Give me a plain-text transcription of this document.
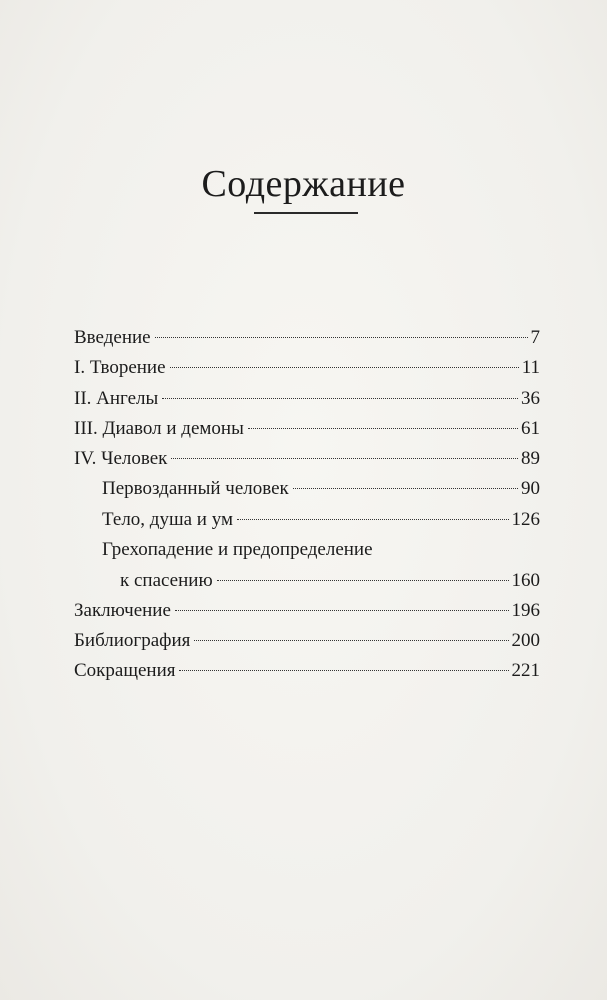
Содержание
Введение	7
I. Творение	11
II. Ангелы	36
III. Диавол и демоны	61
IV. Человек	89
Первозданный человек	90
Тело, душа и ум	126
Грехопадение и предопределение
к спасению	160
Заключение	196
Библиография	200
Сокращения	221
